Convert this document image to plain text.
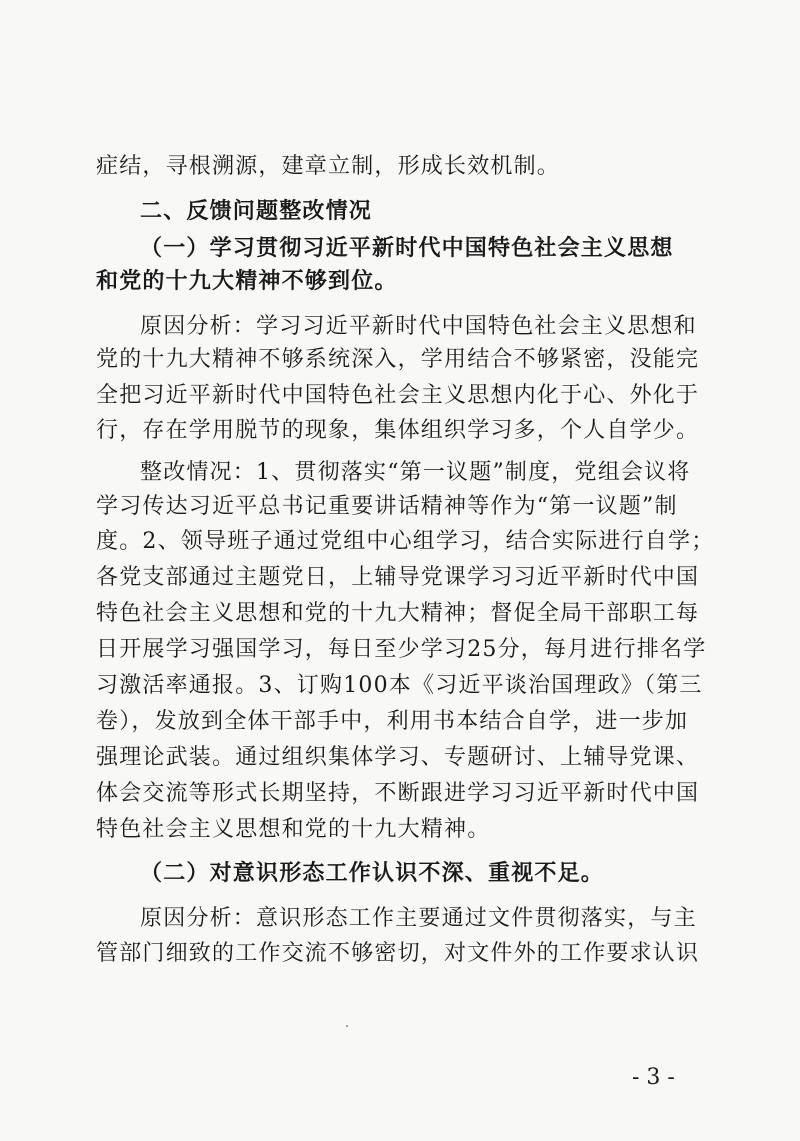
症结，寻根溯源，建章立制，形成长效机制。
二、反馈问题整改情况
（一）学习贯彻习近平新时代中国特色社会主义思想
和党的十九大精神不够到位。
原因分析：学习习近平新时代中国特色社会主义思想和
党的十九大精神不够系统深入，学用结合不够紧密，没能完
全把习近平新时代中国特色社会主义思想内化于心、外化于
行，存在学用脱节的现象，集体组织学习多，个人自学少。
整改情况：1、贯彻落实“第一议题”制度，党组会议将
学习传达习近平总书记重要讲话精神等作为“第一议题”制
度。2、领导班子通过党组中心组学习，结合实际进行自学；
各党支部通过主题党日，上辅导党课学习习近平新时代中国
特色社会主义思想和党的十九大精神；督促全局干部职工每
日开展学习强国学习，每日至少学习25分，每月进行排名学
习激活率通报。3、订购100本《习近平谈治国理政》（第三
卷），发放到全体干部手中，利用书本结合自学，进一步加
强理论武装。通过组织集体学习、专题研讨、上辅导党课、
体会交流等形式长期坚持，不断跟进学习习近平新时代中国
特色社会主义思想和党的十九大精神。
（二）对意识形态工作认识不深、重视不足。
原因分析：意识形态工作主要通过文件贯彻落实，与主
管部门细致的工作交流不够密切，对文件外的工作要求认识
- 3 -
